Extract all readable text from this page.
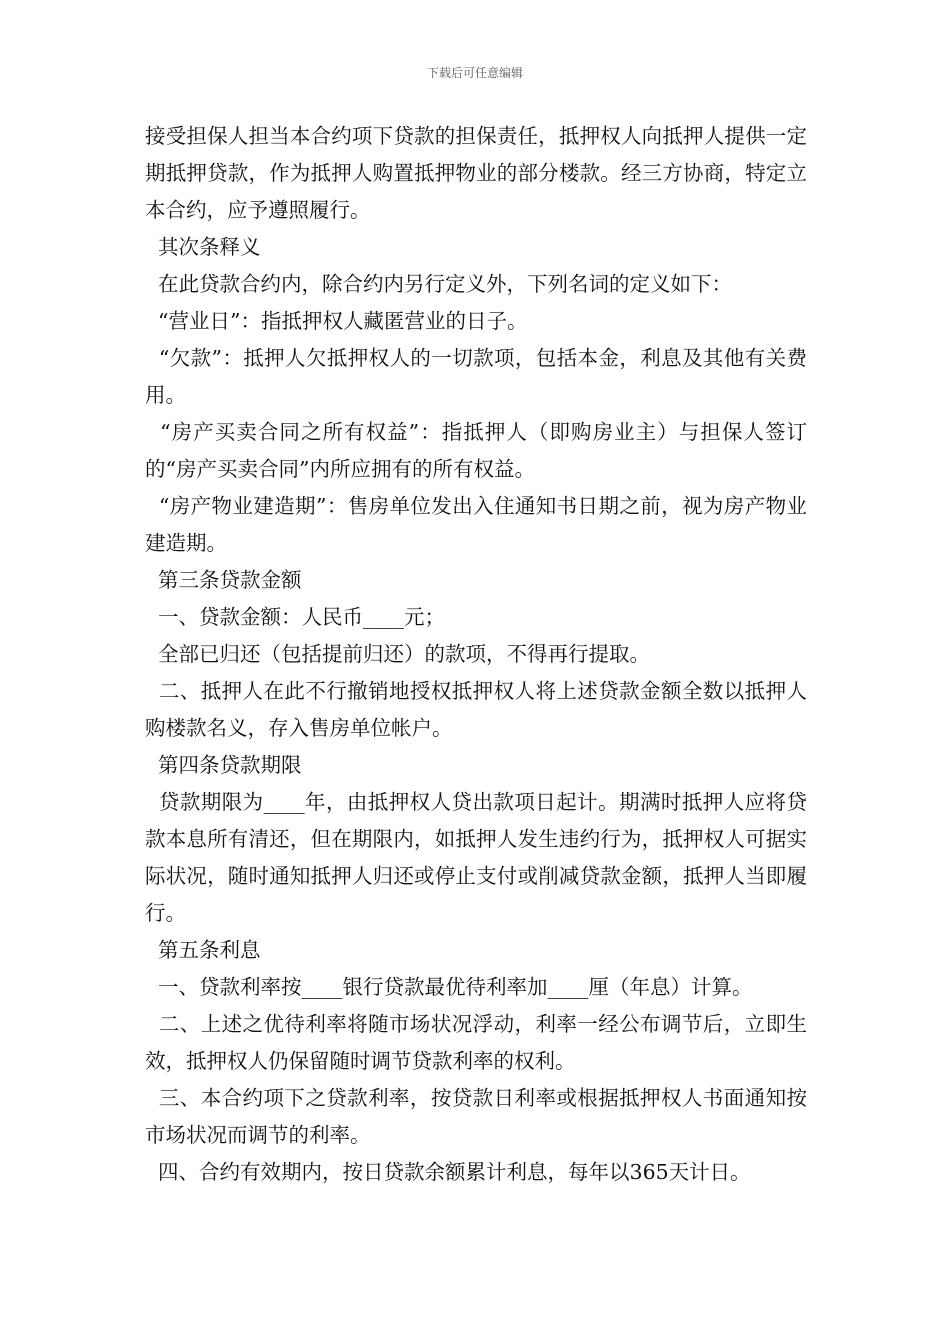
下载后可任意编辑

接受担保人担当本合约项下贷款的担保责任，抵押权人向抵押人提供一定期抵押贷款，作为抵押人购置抵押物业的部分楼款。经三方协商，特定立本合约，应予遵照履行。

其次条释义

在此贷款合约内，除合约内另行定义外，下列名词的定义如下：

“营业日”：指抵押权人藏匿营业的日子。

“欠款”：抵押人欠抵押权人的一切款项，包括本金，利息及其他有关费用。

“房产买卖合同之所有权益”：指抵押人（即购房业主）与担保人签订的“房产买卖合同”内所应拥有的所有权益。

“房产物业建造期”：售房单位发出入住通知书日期之前，视为房产物业建造期。

第三条贷款金额

一、贷款金额：人民币____元；

全部已归还（包括提前归还）的款项，不得再行提取。

二、抵押人在此不行撤销地授权抵押权人将上述贷款金额全数以抵押人购楼款名义，存入售房单位帐户。

第四条贷款期限

贷款期限为____年，由抵押权人贷出款项日起计。期满时抵押人应将贷款本息所有清还，但在期限内，如抵押人发生违约行为，抵押权人可据实际状况，随时通知抵押人归还或停止支付或削减贷款金额，抵押人当即履行。

第五条利息

一、贷款利率按____银行贷款最优待利率加____厘（年息）计算。

二、上述之优待利率将随市场状况浮动，利率一经公布调节后，立即生效，抵押权人仍保留随时调节贷款利率的权利。

三、本合约项下之贷款利率，按贷款日利率或根据抵押权人书面通知按市场状况而调节的利率。

四、合约有效期内，按日贷款余额累计利息，每年以365天计日。
